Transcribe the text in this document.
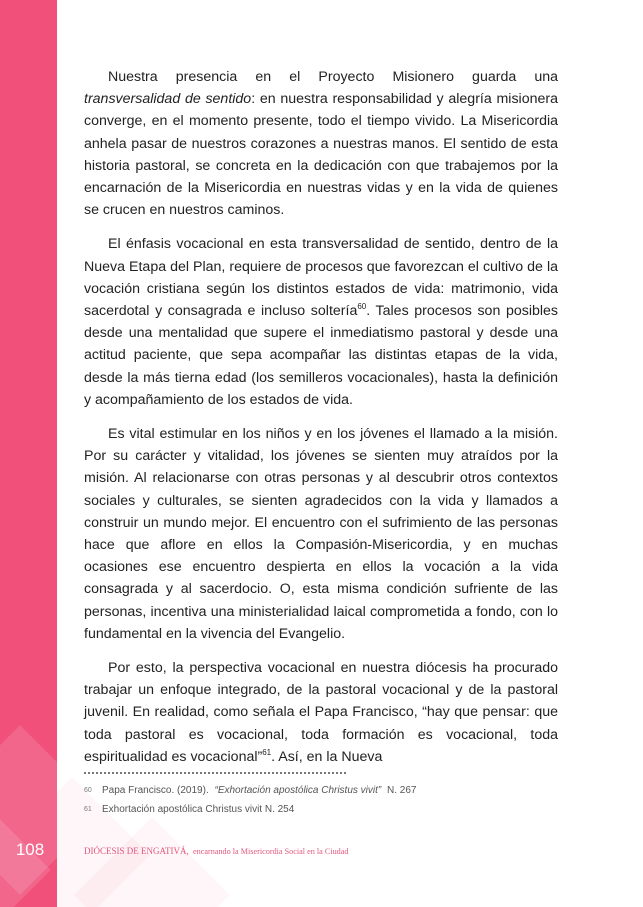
108

Nuestra presencia en el Proyecto Misionero guarda una transversalidad de sentido: en nuestra responsabilidad y alegría misionera converge, en el momento presente, todo el tiempo vivido. La Misericordia anhela pasar de nuestros corazones a nuestras manos. El sentido de esta historia pastoral, se concreta en la dedicación con que trabajemos por la encarnación de la Misericordia en nuestras vidas y en la vida de quienes se crucen en nuestros caminos.

El énfasis vocacional en esta transversalidad de sentido, dentro de la Nueva Etapa del Plan, requiere de procesos que favorezcan el cultivo de la vocación cristiana según los distintos estados de vida: matrimonio, vida sacerdotal y consagrada e incluso soltería$^{60}$. Tales procesos son posibles desde una mentalidad que supere el inmediatismo pastoral y desde una actitud paciente, que sepa acompañar las distintas etapas de la vida, desde la más tierna edad (los semilleros vocacionales), hasta la definición y acompañamiento de los estados de vida.

Es vital estimular en los niños y en los jóvenes el llamado a la misión. Por su carácter y vitalidad, los jóvenes se sienten muy atraídos por la misión. Al relacionarse con otras personas y al descubrir otros contextos sociales y culturales, se sienten agradecidos con la vida y llamados a construir un mundo mejor. El encuentro con el sufrimiento de las personas hace que aflore en ellos la Compasión-Misericordia, y en muchas ocasiones ese encuentro despierta en ellos la vocación a la vida consagrada y al sacerdocio. O, esta misma condición sufriente de las personas, incentiva una ministerialidad laical comprometida a fondo, con lo fundamental en la vivencia del Evangelio.

Por esto, la perspectiva vocacional en nuestra diócesis ha procurado trabajar un enfoque integrado, de la pastoral vocacional y de la pastoral juvenil. En realidad, como señala el Papa Francisco, “hay que pensar: que toda pastoral es vocacional, toda formación es vocacional, toda espiritualidad es vocacional”$^{61}$. Así, en la Nueva

60	Papa Francisco. (2019). “Exhortación apostólica Christus vivit” N. 267
61	Exhortación apostólica Christus vivit N. 254
DIÓCESIS DE ENGATIVÁ, encarnando la Misericordia Social en la Ciudad
